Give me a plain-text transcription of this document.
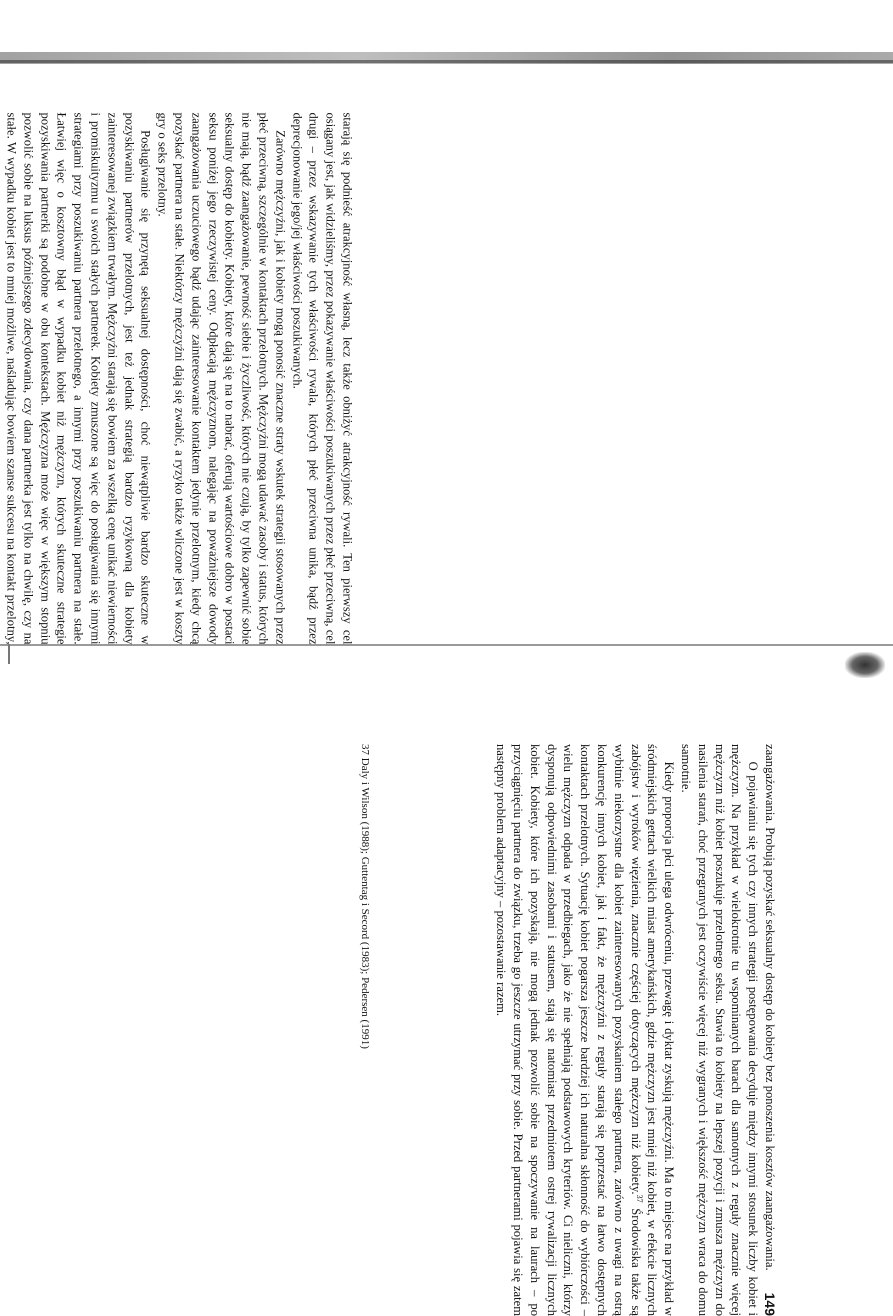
starają się podnieść atrakcyjność własną, lecz także obniżyć atrakcyjność rywali. Ten pierwszy cel osiągany jest, jak widzieliśmy, przez pokazywanie właściwości poszukiwanych przez płeć przeciwną, cel drugi – przez wskazywanie tych właściwości rywala, których płeć przeciwna unika, bądź przez deprecjonowanie jego/jej właściwości poszukiwanych.

Zarówno mężczyźni, jak i kobiety mogą ponosić znaczne straty wskutek strategii stosowanych przez płeć przeciwną, szczególnie w kontaktach przelotnych. Mężczyźni mogą udawać zasoby i status, których nie mają, bądź zaangażowanie, pewność siebie i życzliwość, których nie czują, by tylko zapewnić sobie seksualny dostęp do kobiety. Kobiety, które dają się na to nabrać, oferują wartościowe dobro w postaci seksu poniżej jego rzeczywistej ceny. Odpłacają mężczyznom, nalegając na poważniejsze dowody zaangażowania uczuciowego bądź udając zainteresowanie kontaktem jedynie przelotnym, kiedy chcą pozyskać partnera na stałe. Niektórzy mężczyźni dają się zwabić, a ryzyko także wliczone jest w koszty gry o seks przelotny.

Posługiwanie się przynętą seksualnej dostępności, choć niewątpliwie bardzo skuteczne w pozyskiwaniu partnerów przelotnych, jest też jednak strategią bardzo ryzykowną dla kobiety zainteresowanej związkiem trwałym. Mężczyźni starają się bowiem za wszelką cenę unikać niewierności i promiskuityzmu u swoich stałych partnerek. Kobiety zmuszone są więc do posługiwania się innymi strategiami przy poszukiwaniu partnera przelotnego, a innymi przy poszukiwaniu partnera na stałe. Łatwiej więc o kosztowny błąd w wypadku kobiet niż mężczyzn, których skuteczne strategie pozyskiwania partnerki są podobne w obu kontekstach. Mężczyzna może więc w większym stopniu pozwolić sobie na luksus późniejszego zdecydowania, czy dana partnerka jest tylko na chwilę, czy na stałe. W wypadku kobiet jest to mniej możliwe, naśladując bowiem szanse sukcesu na kontakt przelotny,

zaangażowania. Probują pozyskać seksualny dostęp do kobiety bez ponoszenia kosztów zaangażowania.

O pojawianiu się tych czy innych strategii postępowania decyduje między innymi stosunek liczby kobiet i mężczyzn. Na przykład w wielokrotnie tu wspominanych barach dla samotnych z reguły znacznie więcej mężczyzn niż kobiet poszukuje przelotnego seksu. Stawia to kobiety na lepszej pozycji i zmusza mężczyzn do nasilenia starań, choć przegranych jest oczywiście więcej niż wygranych i większość mężczyzn wraca do domu samotnie.

Kiedy proporcja płci ulega odwróceniu, przewagę i dyktat zyskują mężczyźni. Ma to miejsce na przykład w śródmiejskich gettach wielkich miast amerykańskich, gdzie mężczyzn jest mniej niż kobiet, w efekcie licznych zabójstw i wyroków więzienia, znacznie częściej dotyczących mężczyzn niż kobiety.$^{37}$ Środowiska także są wybitnie niekorzystne dla kobiet zainteresowanych pozyskaniem stałego partnera, zarówno z uwagi na ostrą konkurencję innych kobiet, jak i fakt, że mężczyźni z reguły starają się poprzestać na łatwo dostępnych kontaktach przelotnych. Sytuację kobiet pogarsza jeszcze bardziej ich naturalna skłonność do wybiórczości – wielu mężczyzn odpada w przedbiegach, jako że nie spełniają podstawowych kryteriów. Ci nieliczni, którzy dysponują odpowiednimi zasobami i statusem, stają się natomiast przedmiotem ostrej rywalizacji licznych kobiet. Kobiety, które ich pozyskają, nie mogą jednak pozwolić sobie na spoczywanie na laurach – po przyciągnięciu partnera do związku, trzeba go jeszcze utrzymać przy sobie. Przed partnerami pojawia się zatem następny problem adaptacyjny – pozostawanie razem.

37 Daly i Wilson (1988); Guttentag i Secord (1983); Pedersen (1991)
149
